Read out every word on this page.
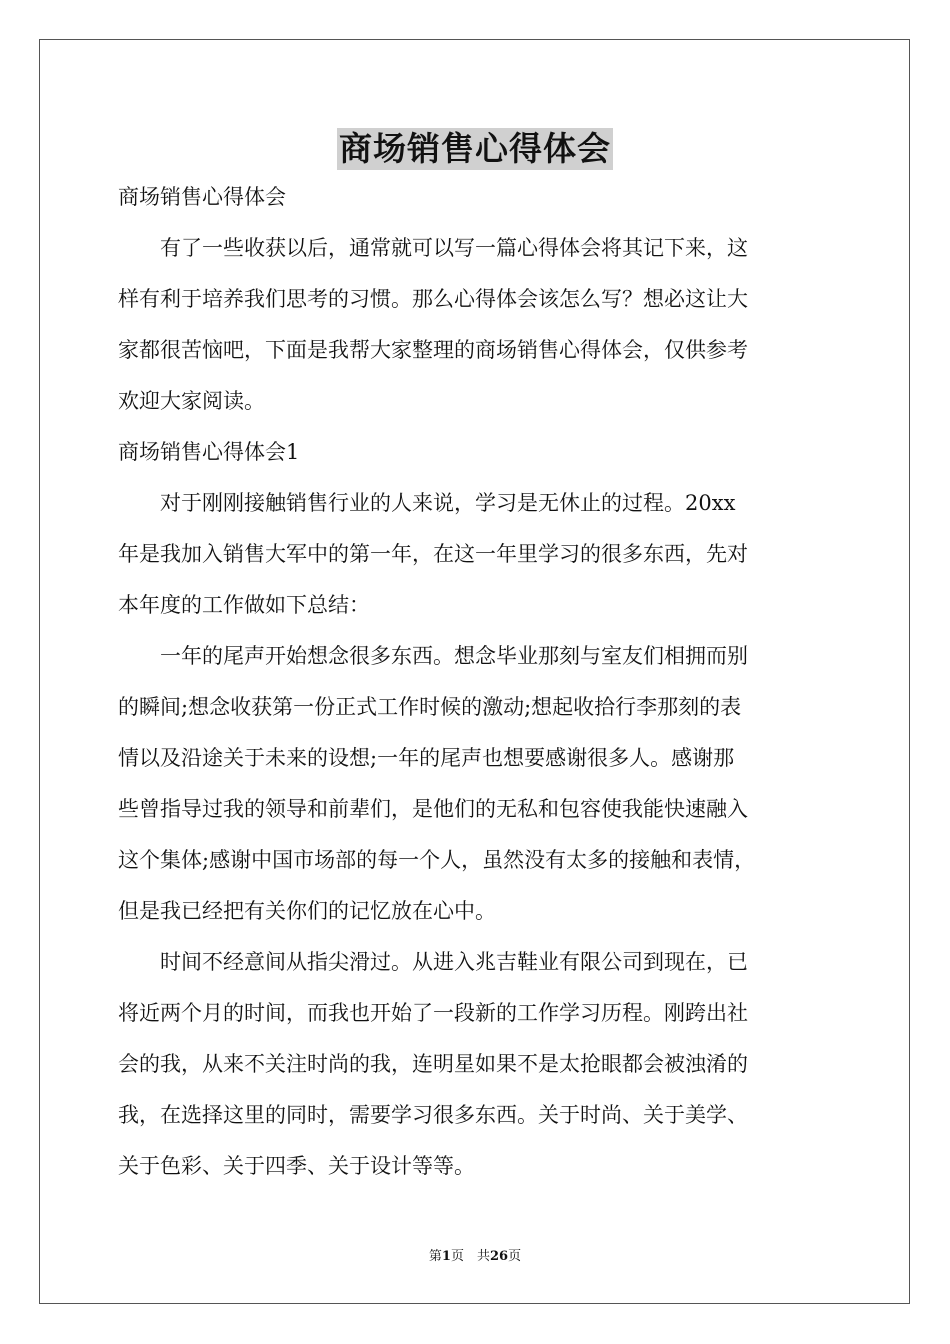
商场销售心得体会

商场销售心得体会

　　有了一些收获以后，通常就可以写一篇心得体会将其记下来，这

样有利于培养我们思考的习惯。那么心得体会该怎么写？想必这让大

家都很苦恼吧，下面是我帮大家整理的商场销售心得体会，仅供参考

欢迎大家阅读。

商场销售心得体会1

　　对于刚刚接触销售行业的人来说，学习是无休止的过程。20xx

年是我加入销售大军中的第一年，在这一年里学习的很多东西，先对

本年度的工作做如下总结：

　　一年的尾声开始想念很多东西。想念毕业那刻与室友们相拥而别

的瞬间;想念收获第一份正式工作时候的激动;想起收拾行李那刻的表

情以及沿途关于未来的设想;一年的尾声也想要感谢很多人。感谢那

些曾指导过我的领导和前辈们，是他们的无私和包容使我能快速融入

这个集体;感谢中国市场部的每一个人，虽然没有太多的接触和表情，

但是我已经把有关你们的记忆放在心中。

　　时间不经意间从指尖滑过。从进入兆吉鞋业有限公司到现在，已

将近两个月的时间，而我也开始了一段新的工作学习历程。刚跨出社

会的我，从来不关注时尚的我，连明星如果不是太抢眼都会被浊淆的

我，在选择这里的同时，需要学习很多东西。关于时尚、关于美学、

关于色彩、关于四季、关于设计等等。

第1页　共26页
